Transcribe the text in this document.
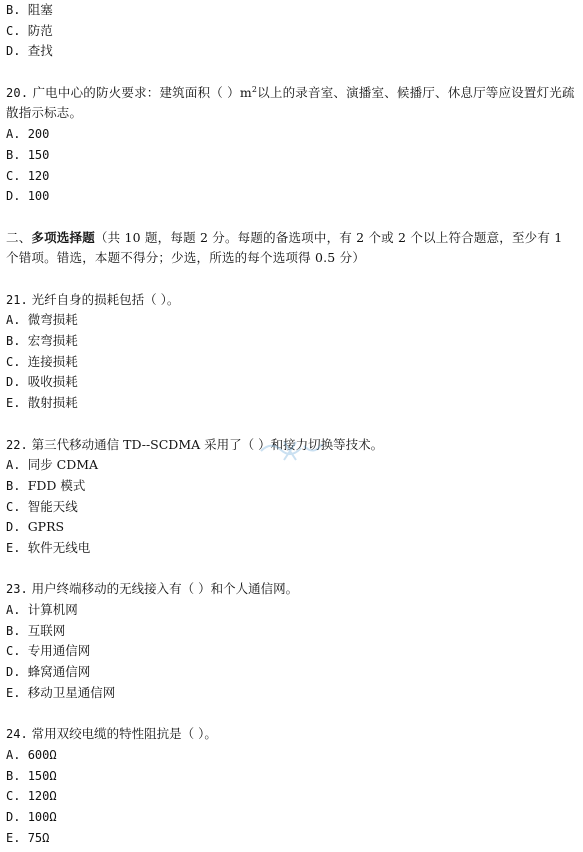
B. 阻塞
C. 防范
D. 查找
20. 广电中心的防火要求：建筑面积（ ）$m^2$以上的录音室、演播室、候播厅、休息厅等应设置灯光疏散指示标志。
A. 200
B. 150
C. 120
D. 100
二、多项选择题（共 10 题，每题 2 分。每题的备选项中，有 2 个或 2 个以上符合题意，至少有 1 个错项。错选，本题不得分；少选，所选的每个选项得 0.5 分）
21. 光纤自身的损耗包括（ ）。
A. 微弯损耗
B. 宏弯损耗
C. 连接损耗
D. 吸收损耗
E. 散射损耗
22. 第三代移动通信 TD--SCDMA 采用了（ ）和接力切换等技术。
A. 同步 CDMA
B. FDD 模式
C. 智能天线
D. GPRS
E. 软件无线电
23. 用户终端移动的无线接入有（ ）和个人通信网。
A. 计算机网
B. 互联网
C. 专用通信网
D. 蜂窝通信网
E. 移动卫星通信网
24. 常用双绞电缆的特性阻抗是（ ）。
A. 600Ω
B. 150Ω
C. 120Ω
D. 100Ω
E. 75Ω
